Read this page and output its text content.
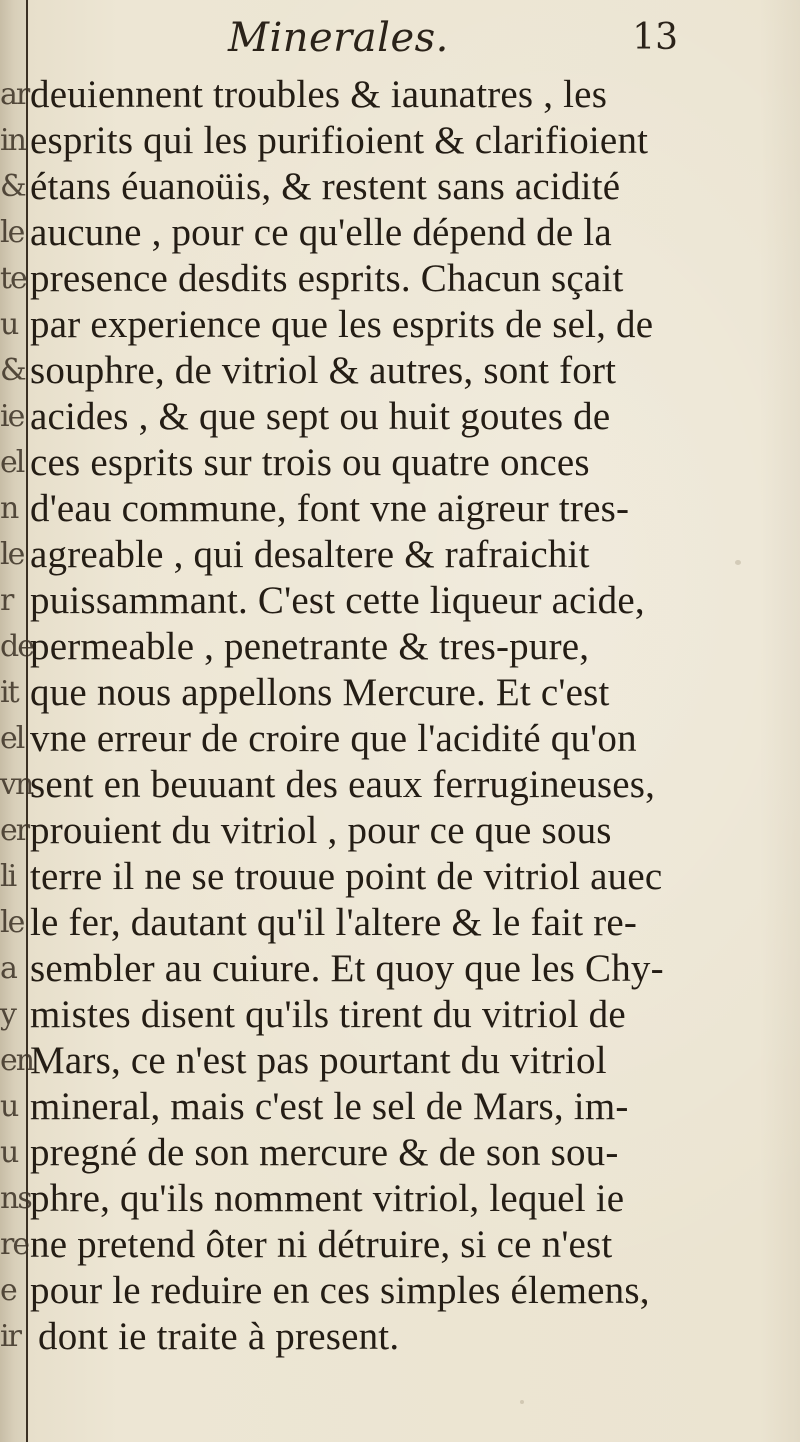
ar
in
&
le
te
u
&
ie
el
n
le
r
de
it
el
vn
er
li
le
a
y
en
u
u
ns
re
e
ir
Minerales.	13
deuiennent troubles & iaunatres , les
esprits qui les purifioient & clarifioient
étans éuanoüis, & restent sans acidité
aucune , pour ce qu'elle dépend de la
presence desdits esprits. Chacun sçait
par experience que les esprits de sel, de
souphre, de vitriol & autres, sont fort
acides , & que sept ou huit goutes de
ces esprits sur trois ou quatre onces
d'eau commune, font vne aigreur tres-
agreable , qui desaltere & rafraichit
puissammant. C'est cette liqueur acide,
permeable , penetrante & tres-pure,
que nous appellons Mercure. Et c'est
vne erreur de croire que l'acidité qu'on
sent en beuuant des eaux ferrugineuses,
prouient du vitriol , pour ce que sous
terre il ne se trouue point de vitriol auec
le fer, dautant qu'il l'altere & le fait re-
sembler au cuiure. Et quoy que les Chy-
mistes disent qu'ils tirent du vitriol de
Mars, ce n'est pas pourtant du vitriol
mineral, mais c'est le sel de Mars, im-
pregné de son mercure & de son sou-
phre, qu'ils nomment vitriol, lequel ie
ne pretend ôter ni détruire, si ce n'est
pour le reduire en ces simples élemens,
dont ie traite à present.
